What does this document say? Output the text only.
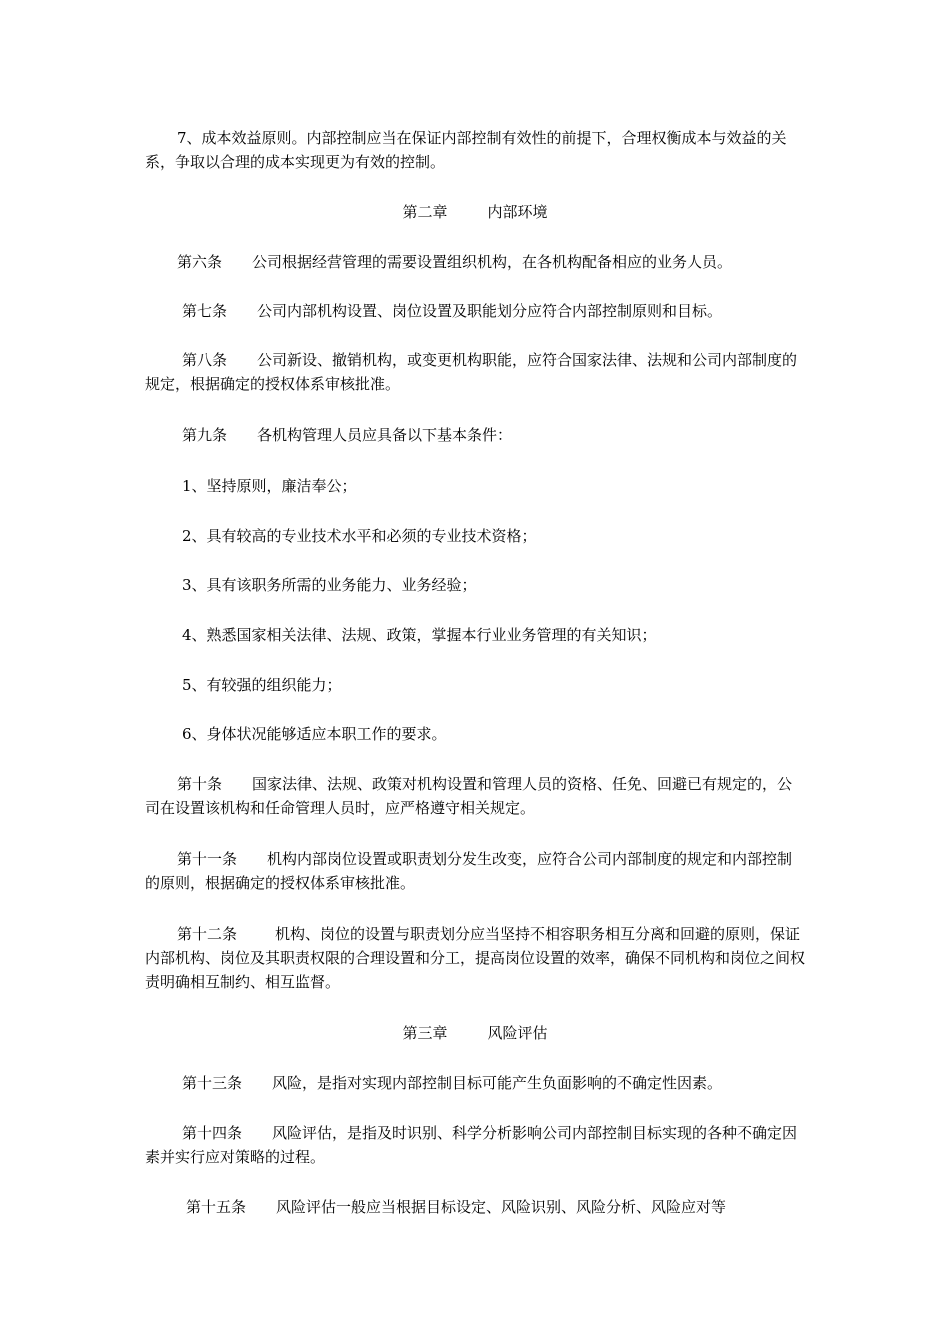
7、成本效益原则。内部控制应当在保证内部控制有效性的前提下，合理权衡成本与效益的关系，争取以合理的成本实现更为有效的控制。

第二章	内部环境

第六条 公司根据经营管理的需要设置组织机构，在各机构配备相应的业务人员。

第七条 公司内部机构设置、岗位设置及职能划分应符合内部控制原则和目标。

第八条 公司新设、撤销机构，或变更机构职能，应符合国家法律、法规和公司内部制度的规定，根据确定的授权体系审核批准。

第九条 各机构管理人员应具备以下基本条件：

1、坚持原则，廉洁奉公；

2、具有较高的专业技术水平和必须的专业技术资格；

3、具有该职务所需的业务能力、业务经验；

4、熟悉国家相关法律、法规、政策，掌握本行业业务管理的有关知识；

5、有较强的组织能力；

6、身体状况能够适应本职工作的要求。

第十条 国家法律、法规、政策对机构设置和管理人员的资格、任免、回避已有规定的，公司在设置该机构和任命管理人员时，应严格遵守相关规定。

第十一条 机构内部岗位设置或职责划分发生改变，应符合公司内部制度的规定和内部控制的原则，根据确定的授权体系审核批准。

第十二条	机构、岗位的设置与职责划分应当坚持不相容职务相互分离和回避的原则，保证内部机构、岗位及其职责权限的合理设置和分工，提高岗位设置的效率，确保不同机构和岗位之间权责明确相互制约、相互监督。

第三章	风险评估

第十三条 风险，是指对实现内部控制目标可能产生负面影响的不确定性因素。

第十四条 风险评估，是指及时识别、科学分析影响公司内部控制目标实现的各种不确定因素并实行应对策略的过程。

第十五条 风险评估一般应当根据目标设定、风险识别、风险分析、风险应对等
